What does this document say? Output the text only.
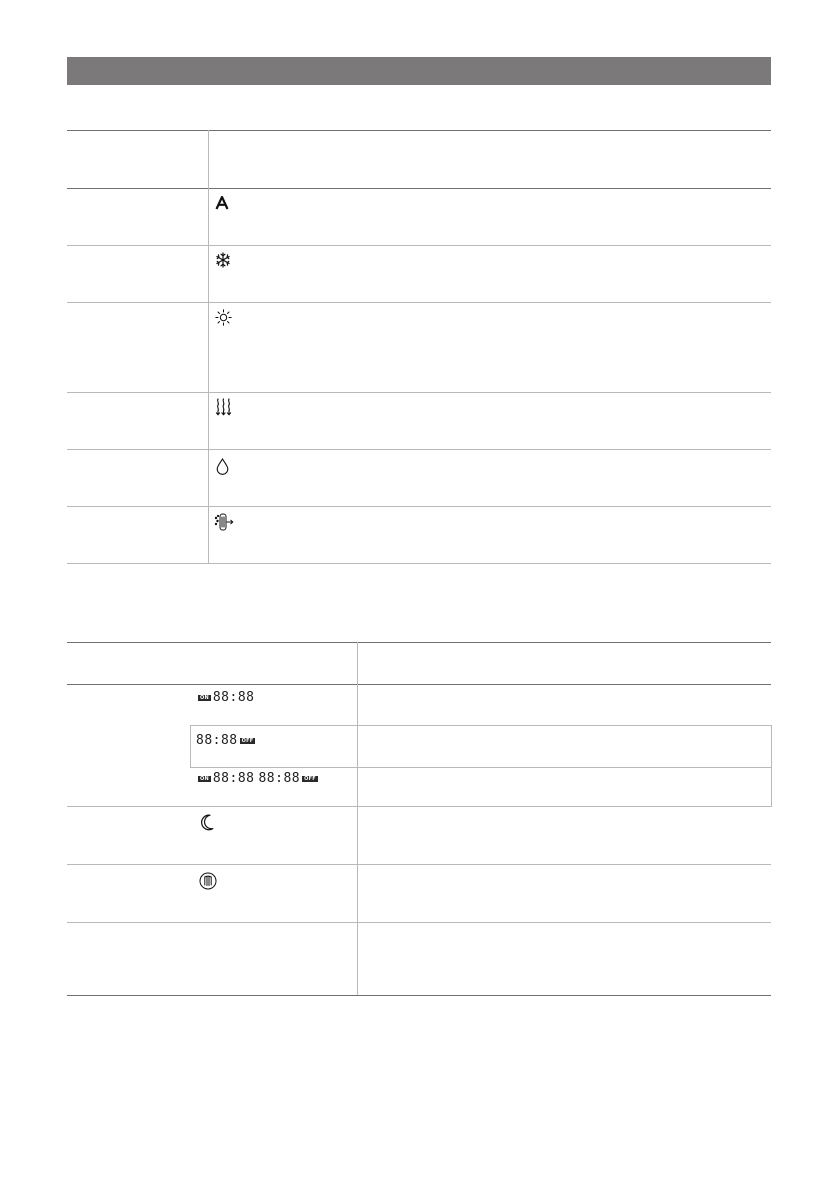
ON 88:88
88:88 OFF
ON 88:88 88:88 OFF
